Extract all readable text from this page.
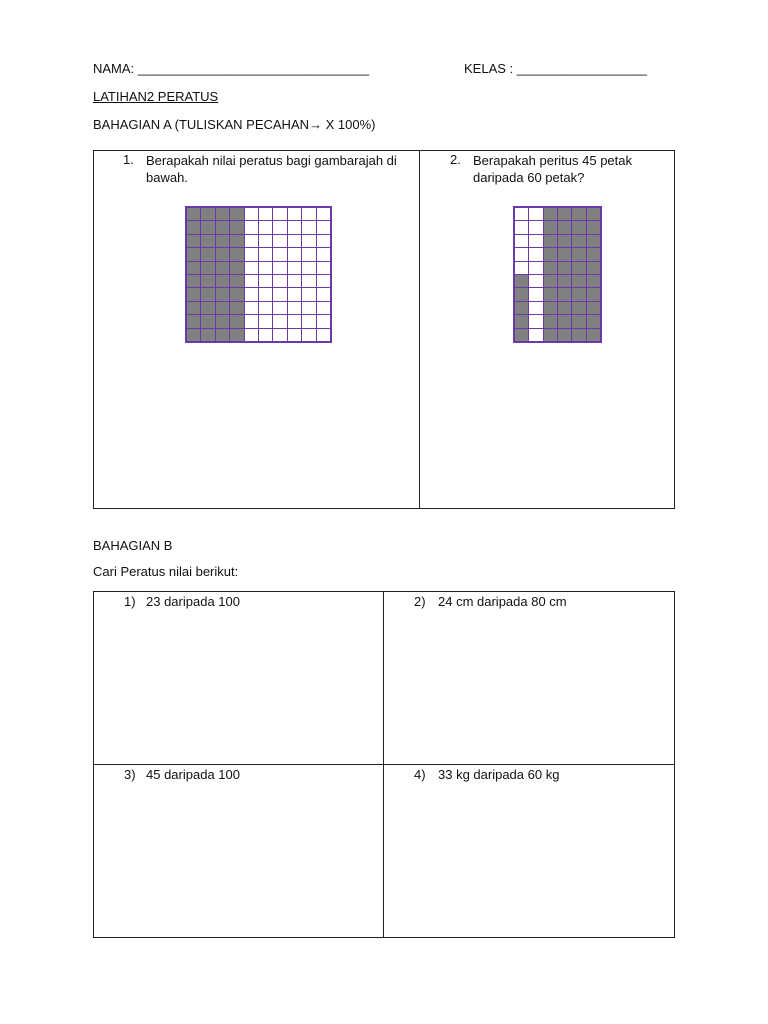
NAMA: ________________________________	KELAS : __________________
LATIHAN2 PERATUS
BAHAGIAN A (TULISKAN PECAHAN→ X 100%)
1. Berapakah nilai peratus bagi gambarajah di bawah.
2. Berapakah peritus 45 petak daripada 60 petak?
BAHAGIAN B
Cari Peratus nilai berikut:
1) 23 daripada 100	2) 24 cm daripada 80 cm
3) 45 daripada 100	4) 33 kg daripada 60 kg
